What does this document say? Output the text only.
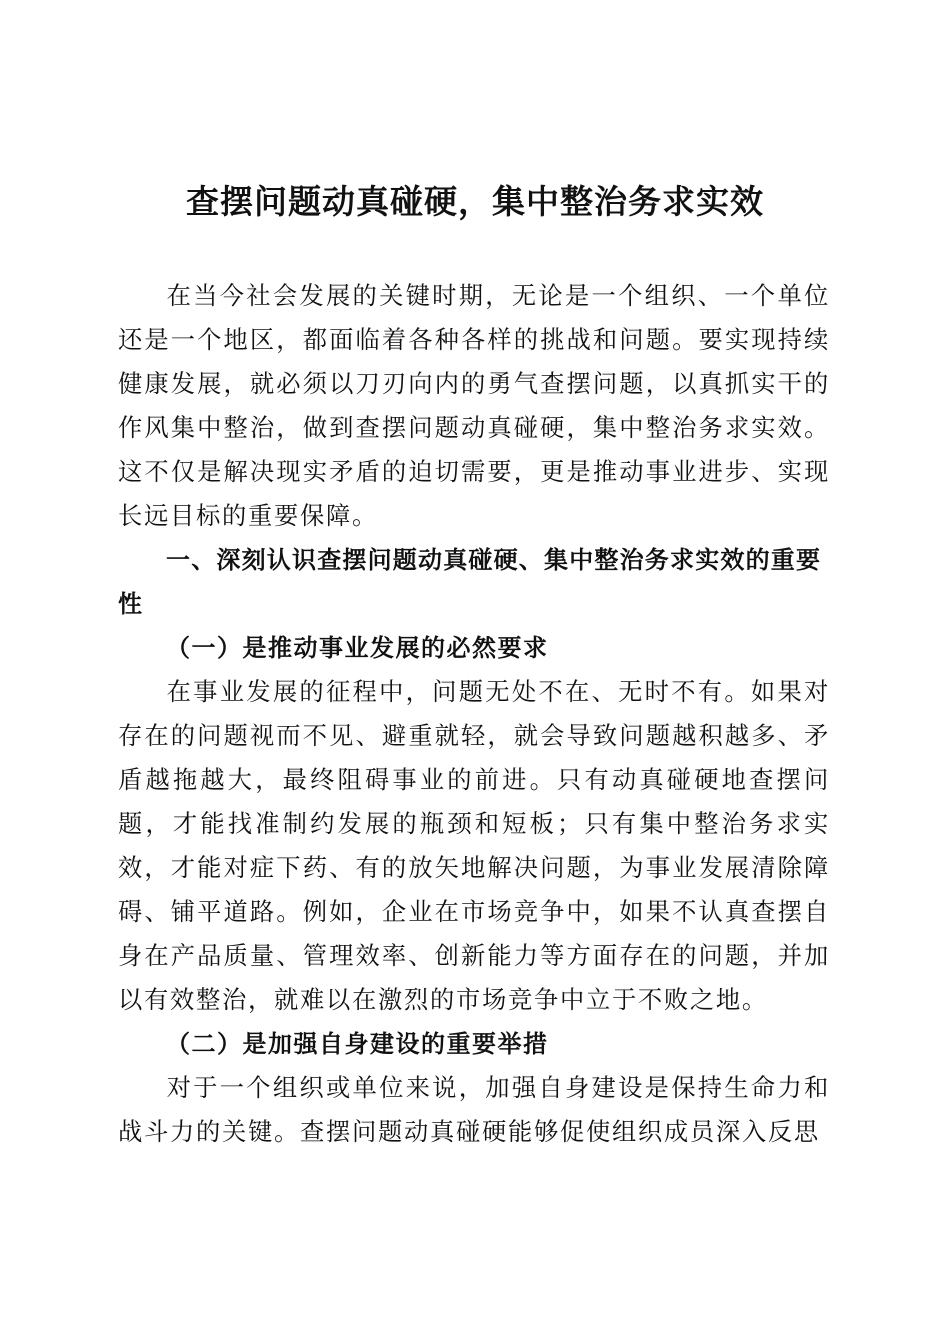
查摆问题动真碰硬，集中整治务求实效

在当今社会发展的关键时期，无论是一个组织、一个单位还是一个地区，都面临着各种各样的挑战和问题。要实现持续健康发展，就必须以刀刃向内的勇气查摆问题，以真抓实干的作风集中整治，做到查摆问题动真碰硬，集中整治务求实效。这不仅是解决现实矛盾的迫切需要，更是推动事业进步、实现长远目标的重要保障。

一、深刻认识查摆问题动真碰硬、集中整治务求实效的重要性

（一）是推动事业发展的必然要求

在事业发展的征程中，问题无处不在、无时不有。如果对存在的问题视而不见、避重就轻，就会导致问题越积越多、矛盾越拖越大，最终阻碍事业的前进。只有动真碰硬地查摆问题，才能找准制约发展的瓶颈和短板；只有集中整治务求实效，才能对症下药、有的放矢地解决问题，为事业发展清除障碍、铺平道路。例如，企业在市场竞争中，如果不认真查摆自身在产品质量、管理效率、创新能力等方面存在的问题，并加以有效整治，就难以在激烈的市场竞争中立于不败之地。

（二）是加强自身建设的重要举措

对于一个组织或单位来说，加强自身建设是保持生命力和战斗力的关键。查摆问题动真碰硬能够促使组织成员深入反思
